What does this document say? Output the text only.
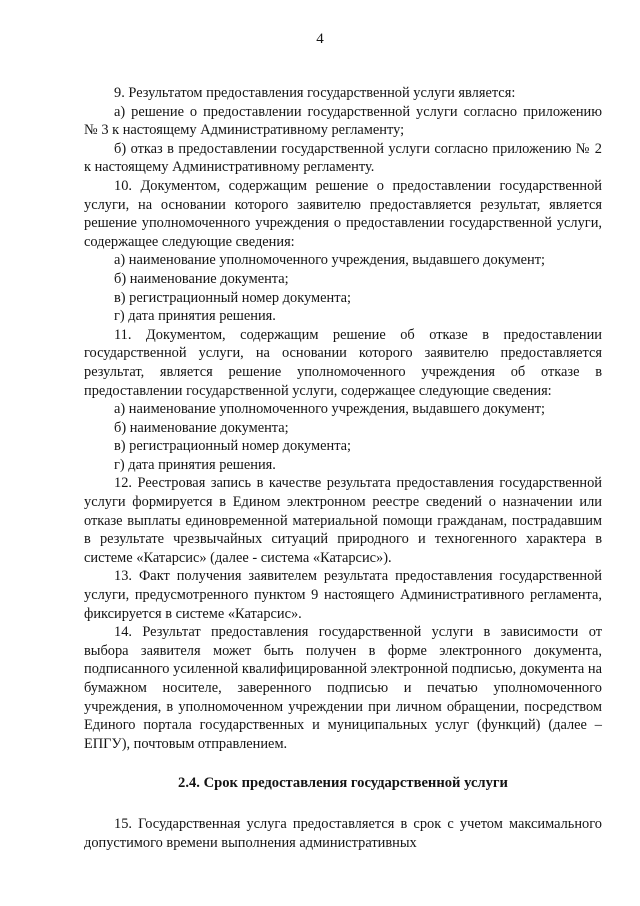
4

9. Результатом предоставления государственной услуги является:

а) решение о предоставлении государственной услуги согласно приложению № 3 к настоящему Административному регламенту;

б) отказ в предоставлении государственной услуги согласно приложению № 2 к настоящему Административному регламенту.

10. Документом, содержащим решение о предоставлении государственной услуги, на основании которого заявителю предоставляется результат, является решение уполномоченного учреждения о предоставлении государственной услуги, содержащее следующие сведения:

а) наименование уполномоченного учреждения, выдавшего документ;

б) наименование документа;

в) регистрационный номер документа;

г) дата принятия решения.

11. Документом, содержащим решение об отказе в предоставлении государственной услуги, на основании которого заявителю предоставляется результат, является решение уполномоченного учреждения об отказе в предоставлении государственной услуги, содержащее следующие сведения:

а) наименование уполномоченного учреждения, выдавшего документ;

б) наименование документа;

в) регистрационный номер документа;

г) дата принятия решения.

12. Реестровая запись в качестве результата предоставления государственной услуги формируется в Едином электронном реестре сведений о назначении или отказе выплаты единовременной материальной помощи гражданам, пострадавшим в результате чрезвычайных ситуаций природного и техногенного характера в системе «Катарсис» (далее - система «Катарсис»).

13. Факт получения заявителем результата предоставления государственной услуги, предусмотренного пунктом 9 настоящего Административного регламента, фиксируется в системе «Катарсис».

14. Результат предоставления государственной услуги в зависимости от выбора заявителя может быть получен в форме электронного документа, подписанного усиленной квалифицированной электронной подписью, документа на бумажном носителе, заверенного подписью и печатью уполномоченного учреждения, в уполномоченном учреждении при личном обращении, посредством Единого портала государственных и муниципальных услуг (функций) (далее – ЕПГУ), почтовым отправлением.

2.4. Срок предоставления государственной услуги

15. Государственная услуга предоставляется в срок с учетом максимального допустимого времени выполнения административных
